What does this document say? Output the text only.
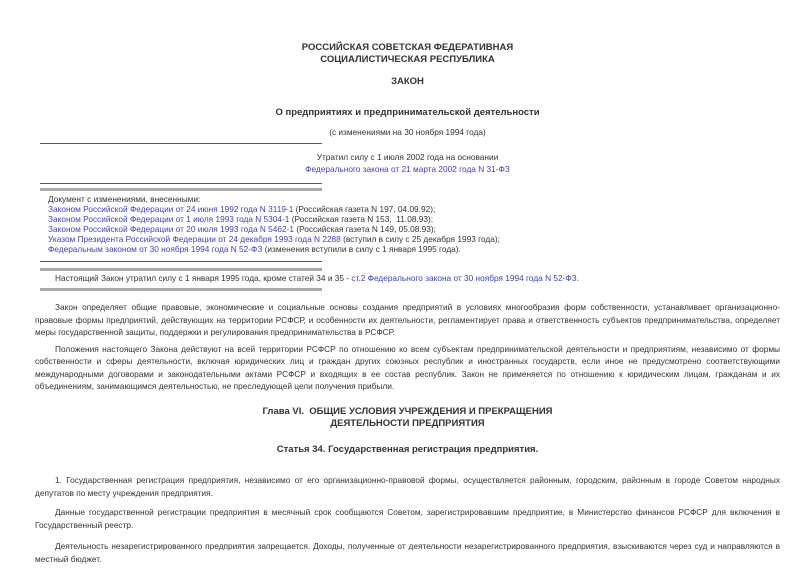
РОССИЙСКАЯ СОВЕТСКАЯ ФЕДЕРАТИВНАЯ
СОЦИАЛИСТИЧЕСКАЯ РЕСПУБЛИКА
ЗАКОН
О предприятиях и предпринимательской деятельности
(с изменениями на 30 ноября 1994 года)
Утратил силу с 1 июля 2002 года на основании
Федерального закона от 21 марта 2002 года N 31-ФЗ
Документ с изменениями, внесенными:
Законом Российской Федерации от 24 июня 1992 года N 3119-1 (Российская газета N 197, 04.09.92);
Законом Российской Федерации от 1 июля 1993 года N 5304-1 (Российская газета N 153,  11.08.93);
Законом Российской Федерации от 20 июля 1993 года N 5462-1 (Российская газета N 149, 05.08.93);
Указом Президента Российской Федерации от 24 декабря 1993 года N 2288 (вступил в силу с 25 декабря 1993 года);
Федеральным законом от 30 ноября 1994 года N 52-ФЗ (изменения вступили в силу с 1 января 1995 года).
Настоящий Закон утратил силу с 1 января 1995 года, кроме статей 34 и 35 - ст.2 Федерального закона от 30 ноября 1994 года N 52-ФЗ.

Закон определяет общие правовые, экономические и социальные основы создания предприятий в условиях многообразия форм собственности, устанавливает организационно-правовые формы предприятий, действующих на территории РСФСР, и особенности их деятельности, регламентирует права и ответственность субъектов предпринимательства, определяет меры государственной защиты, поддержки и регулирования предпринимательства в РСФСР.

Положения настоящего Закона действуют на всей территории РСФСР по отношению ко всем субъектам предпринимательской деятельности и предприятиям, независимо от формы собственности и сферы деятельности, включая юридических лиц и граждан других союзных республик и иностранных государств, если иное не предусмотрено соответствующими международными договорами и законодательными актами РСФСР и входящих в ее состав республик. Закон не применяется по отношению к юридическим лицам, гражданам и их объединениям, занимающимся деятельностью, не преследующей цели получения прибыли.

Глава VI.  ОБЩИЕ УСЛОВИЯ УЧРЕЖДЕНИЯ И ПРЕКРАЩЕНИЯ
ДЕЯТЕЛЬНОСТИ ПРЕДПРИЯТИЯ
Статья 34. Государственная регистрация предприятия.

1. Государственная регистрация предприятия, независимо от его организационно-правовой формы, осуществляется районным, городским, районным в городе Советом народных депутатов по месту учреждения предприятия.

Данные государственной регистрации предприятия в месячный срок сообщаются Советом, зарегистрировавшим предприятие, в Министерство финансов РСФСР для включения в Государственный реестр.

Деятельность незарегистрированного предприятия запрещается. Доходы, полученные от деятельности незарегистрированного предприятия, взыскиваются через суд и направляются в местный бюджет.
